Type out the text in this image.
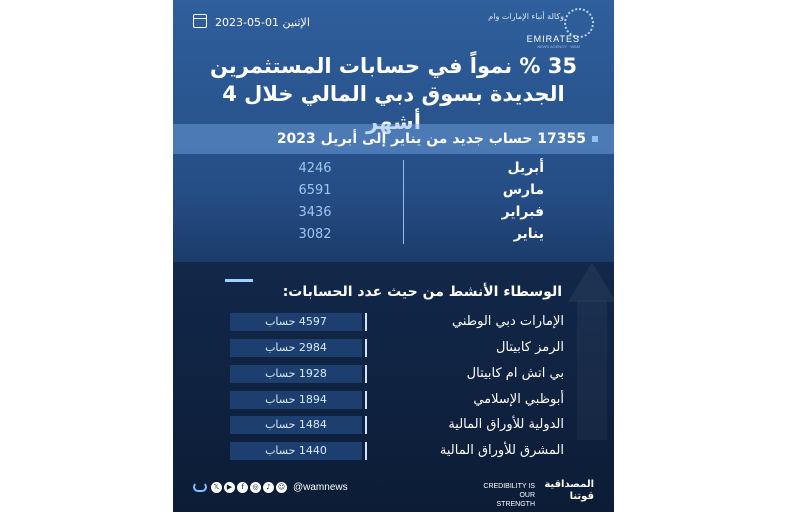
وكالة أنباء الإمارات وام
EMIRATES
NEWS AGENCY · WAM
الإثنين 01-05-2023
35 % نمواً في حسابات المستثمرين
الجديدة بسوق دبي المالي خلال 4 أشهر
17355 حساب جديد من يناير إلى أبريل 2023
4246	أبريل
6591	مارس
3436	فبراير
3082	يناير
الوسطاء الأنشط من حيث عدد الحسابات:
4597 حساب	الإمارات دبي الوطني
2984 حساب	الرمز كابيتال
1928 حساب	بي اتش ام كابيتال
1894 حساب	أبوظبي الإسلامي
1484 حساب	الدولية للأوراق المالية
1440 حساب	المشرق للأوراق المالية
𝕏	▶	f	◎	♪	☺ @wamnews	CREDIBILITY IS
OUR STRENGTH
المصداقية
قوتنا
